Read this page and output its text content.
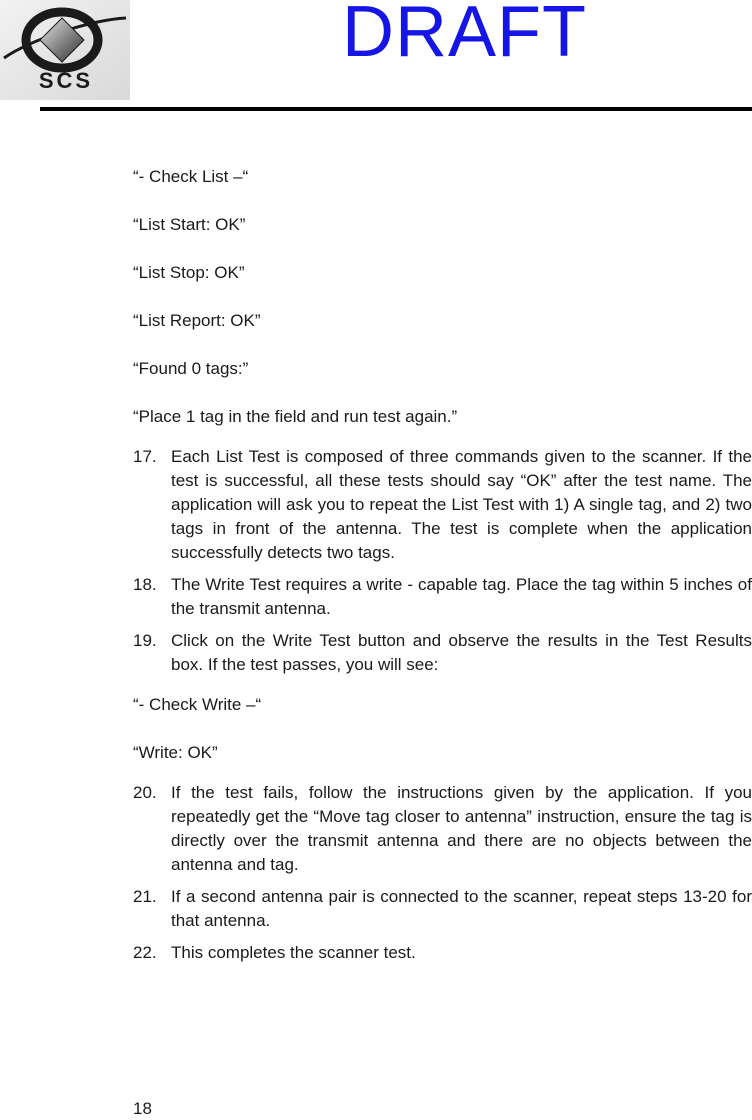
SCS
DRAFT

“- Check List –“

“List Start: OK”

“List Stop: OK”

“List Report: OK”

“Found 0 tags:”

“Place 1 tag in the field and run test again.”

17. Each List Test is composed of three commands given to the scanner. If the test is successful, all these tests should say “OK” after the test name. The application will ask you to repeat the List Test with 1) A single tag, and 2) two tags in front of the antenna. The test is complete when the application successfully detects two tags.
18. The Write Test requires a write - capable tag. Place the tag within 5 inches of the transmit antenna.
19. Click on the Write Test button and observe the results in the Test Results box. If the test passes, you will see:

“- Check Write –“

“Write: OK”

20. If the test fails, follow the instructions given by the application. If you repeatedly get the “Move tag closer to antenna” instruction, ensure the tag is directly over the transmit antenna and there are no objects between the antenna and tag.
21. If a second antenna pair is connected to the scanner, repeat steps 13-20 for that antenna.
22. This completes the scanner test.
18
